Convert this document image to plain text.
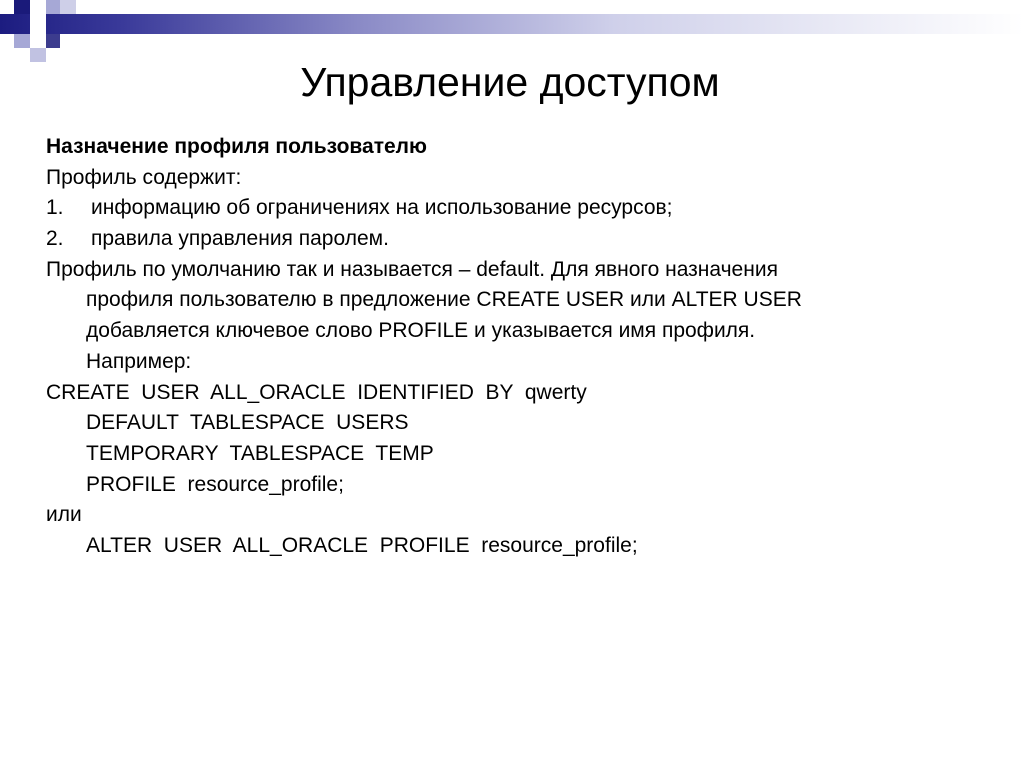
Управление доступом
Назначение профиля пользователю
Профиль содержит:
1.	информацию об ограничениях на использование ресурсов;
2.	правила управления паролем.
Профиль по умолчанию так и называется – default. Для явного назначения
профиля пользователю в предложение CREATE USER или ALTER USER
добавляется ключевое слово PROFILE и указывается имя профиля.
Например:
CREATE  USER  ALL_ORACLE  IDENTIFIED  BY  qwerty
DEFAULT  TABLESPACE  USERS
TEMPORARY  TABLESPACE  TEMP
PROFILE  resource_profile;
или
ALTER  USER  ALL_ORACLE  PROFILE  resource_profile;
